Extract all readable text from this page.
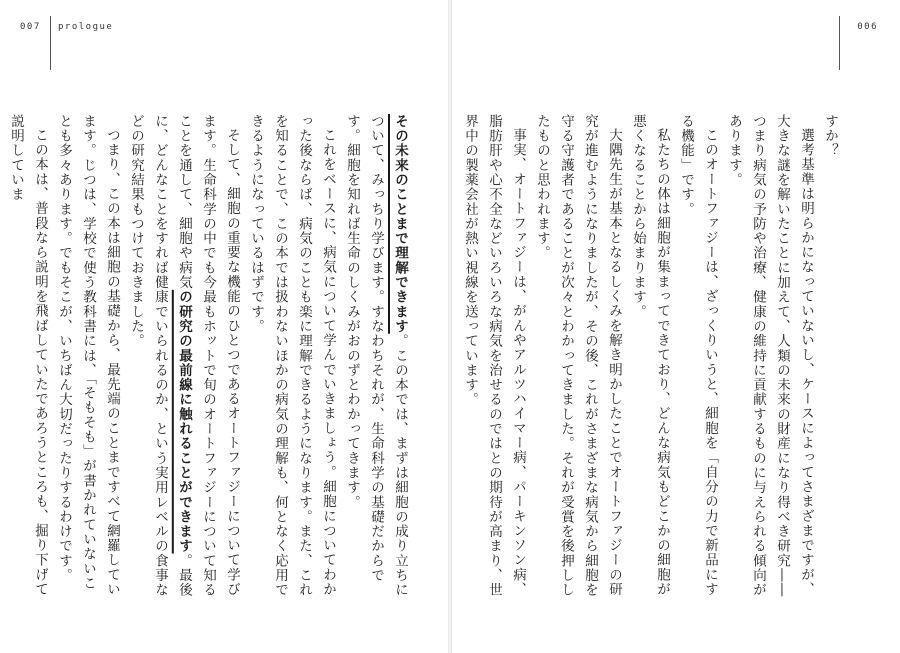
007 prologue

その未来のことまで理解できます。この本では、まずは細胞の成り立ちについて、みっちり学びます。すなわちそれが、生命科学の基礎だからです。細胞を知れば生命のしくみがおのずとわかってきます。

これをベースに、病気について学んでいきましょう。細胞についてわかった後ならば、病気のことも楽に理解できるようになります。また、これを知ることで、この本では扱わないほかの病気の理解も、何となく応用できるようになっているはずです。

そして、細胞の重要な機能のひとつであるオートファジーについて学びます。生命科学の中でも今最もホットで旬のオートファジーについて知ることを通して、細胞や病気の研究の最前線に触れることができます。最後に、どんなことをすれば健康でいられるのか、という実用レベルの食事などの研究結果もつけておきました。

つまり、この本は細胞の基礎から、最先端のことまですべて網羅しています。じつは、学校で使う教科書には、「そもそも」が書かれていないことも多々あります。でもそこが、いちばん大切だったりするわけです。

この本は、普段なら説明を飛ばしていたであろうところも、掘り下げて説明していま

006

すか？

選考基準は明らかになっていないし、ケースによってさまざまですが、大きな謎を解いたことに加えて、人類の未来の財産になり得べき研究――つまり病気の予防や治療、健康の維持に貢献するものに与えられる傾向があります。

このオートファジーは、ざっくりいうと、細胞を「自分の力で新品にする機能」です。

私たちの体は細胞が集まってできており、どんな病気もどこかの細胞が悪くなることから始まります。

大隅先生が基本となるしくみを解き明かしたことでオートファジーの研究が進むようになりましたが、その後、これがさまざまな病気から細胞を守る守護者であることが次々とわかってきました。それが受賞を後押ししたものと思われます。

事実、オートファジーは、がんやアルツハイマー病、パーキンソン病、脂肪肝や心不全などいろいろな病気を治せるのではとの期待が高まり、世界中の製薬会社が熱い視線を送っています。
